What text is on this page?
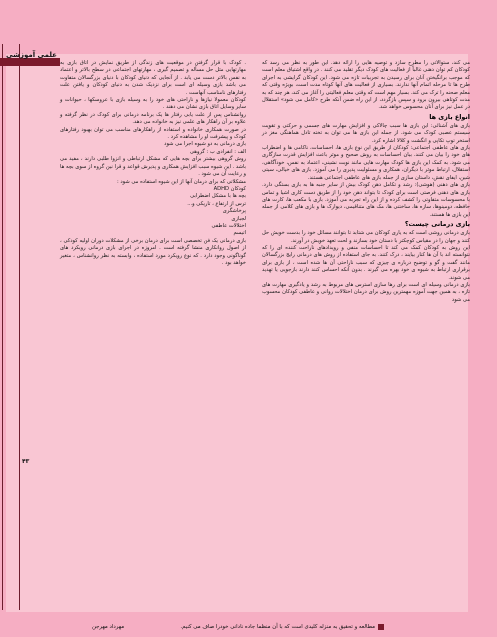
علمی آموزشی

می کند، ستوالاتی را مطرح سازد و توصیه هایی را ارائه دهد. این طور به نظر می رسد که کودکان کم توان ذهنی غالباً از فعالیت های کودک دیگر تقلید می کنند . در واقع اشتیاق معلم است که موجب برانگیختن آنان برای رسیدن به تجربیات تازه می شود. این کودکان گرایشی به اجرای طرح ها تا مرحله اتمام آنها ندارند. بسیاری از فعالیت های آنها کوتاه مدت است، بویژه وقتی که معلم صحنه را ترک می کند. بسیار مهم است که وقتی معلم فعالیتی را آغاز می کند، هر چند که به مدت کوتاهی بیرون برود و سپس بازگردد، از این راه ضمن آنکه طرح «کامل می شود» استقلال در عمل نیز برای آنان محسوس خواهد شد.

انواع بازی ها

بازی های آشنائی: این بازی ها سبب چالاکی و افزایش مهارت های جسمی و حرکتی و تقویت سیستم عصبی کودک می شود. از جمله این بازی ها می توان به تخته تادل هماهنگی مغز در استخر توپ تکاپی و انگشت و کلالا اشاره کرد.

بازی های عاطفی اجتماعی: کودکان از طریق این نوع بازی ها، احساسات، ناکامی ها و اضطراب های خود را بیان می کنند. بیان احساسات به روش صحیح و موثر باعث افزایش قدرت سازگاری می شود. به کمک این بازی ها کودک مهارت هایی مانند نوبت نشینی، اعتماد به نفس، خودآگاهی، استقلال، ارتباط موثر با دیگران، همکاری و مسئولیت پذیری را می آموزد. بازی های خیالی، سیتی شین، ایفای نقش، داستان سازی از جمله بازی های عاطفی اجتماعی هستند.

بازی های ذهنی (هوشی): رشد و تکامل ذهن کودک بیش از سایر جنبه ها به بازی بستگی دارد. بازی های ذهنی فرصتی است برای کودک تا بتواند ذهن خود را از طریق دست کاری اشیا و تماس با محسوسات متفاوتی را کشف کرده و از این راه تجربه می آموزد. بازی با مکعب ها، کارت های حافظه، دومینوها، سازه ها، ساختنی ها، مک های متناقیمی، دیوارک ها و بازی های کلامی از جمله این بازی ها هستند.

بازی درمانی چیست؟

بازی درمانی روشی است که به یاری کودکان می شتابد تا بتوانند مسائل خود را بدست خویش حل کنند و جهان را در مقیاس کوچکتر با دستان خود بسازند و لحت تعهد خویش در آورند.

این روش به کودکان کمک می کند تا احساسات منفی و رویدادهای ناراحت کننده ای را که نتوانسته اند با آن ها کنار بیایند ، درک کنند. به جای استفاده از روش های درمانی رایج بزرگسالان مانند گفت و گو و توضیح درباره ی چیزی که سبب ناراحتی آن ها شده است ، از بازی برای برقراری ارتباط به شیوه ی خود بهره می گیرند . بدون آنکه احساس کنند دارند بازجویی یا تهدید می شوند.

بازی درمانی وسیله ای است برای رها سازی استرس های مربوط به رشد و یادگیری مهارت های تازه ، به همین جهت آموزه مهمترین روش برای درمان اختلالات روانی و عاطفی کودکان محسوب می شود

. کودک با قرار گرفتن در موقعیت های زندگی از طریق نمایش در اتاق بازی به مهارتهایی مثل حل مسأله و تصمیم گیری ، مهارتهای اجتماعی در سطح بالاتر و اعتماد به نفس بالاتر دست می یابد . از آنجایی که دنیای کودکان با دنیای بزرگسالان متفاوت می باشد بازی وسیله ای است برای نزدیک شدن به دنیای کودکان و یافتن علت رفتارهای نامناسب آنهاست .

کودکان معمولا نیازها و ناراحتی های خود را به وسیله بازی با عروسکها ، حیوانات و سایر وسایل اتاق بازی نشان می دهند .

روانشناس پس از علت یابی رفتار ها یک برنامه درمانی برای کودک در نظر گرفته و علاوه بر آن راهکار های علمی نیز به خانواده می دهد.

در صورت همکاری خانواده و استفاده از راهکارهای مناسب می توان بهبود رفتارهای کودک و پیشرفت او را مشاهده کرد .

بازی درمانی به دو شیوه اجرا می شود

الف : انفرادی ب : گروهی

روش گروهی بیشتر برای بچه هایی که مشکل ارتباطی و انزوا طلبی دارند ، مفید می باشد . این شیوه سبب افزایش همکاری و پذیرش قواعد و قرا نین گروه از سوی بچه ها و رعایت آن می شود .

مشکلاتی که برای درمان آنها از این شیوه استفاده می شود :

کودکان ADHD

بچه ها با مشکل اضطرابی

ترس از ارتفاع ، تاریکی و...

پرخاشگری

لجبازی

اختلالات عاطفی

اتیسم

بازی درمانی یک فن تخصصی است برای درمان برخی از مشکلات دوران اولیه کودکی ، از اصول روانکاری منشا گرفته است . امروزه در اجرای بازی درمانی رویکرد های گوناگونی وجود دارد . که نوع رویکرد مورد استفاده ، وابسته به نظر روانشناس ، متغیر خواهد بود .

۴۳
مطالعه و تحقیق به منزله کلیدی است که با آن منظما جاده نادانی خودرا صاف می کنیم.
مهرداد مهرجن
